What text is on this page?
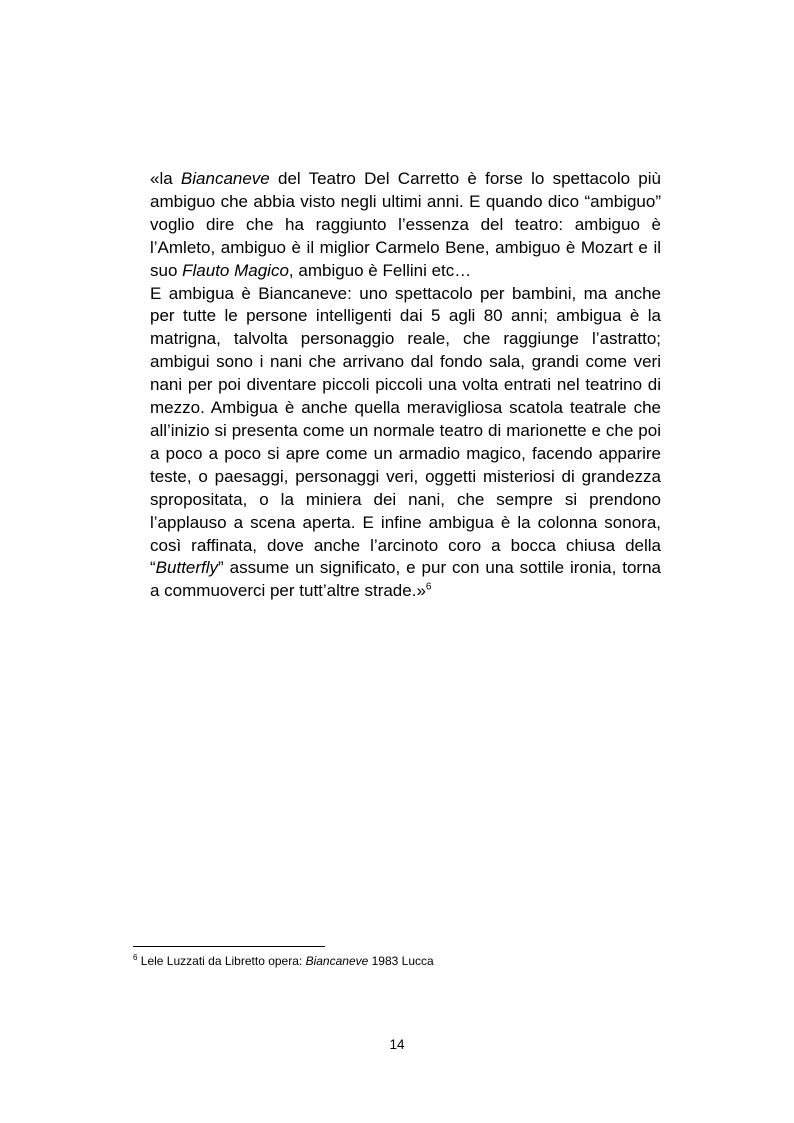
«la Biancaneve del Teatro Del Carretto è forse lo spettacolo più ambiguo che abbia visto negli ultimi anni. E quando dico “ambiguo” voglio dire che ha raggiunto l’essenza del teatro: ambiguo è l’Amleto, ambiguo è il miglior Carmelo Bene, ambiguo è Mozart e il suo Flauto Magico, ambiguo è Fellini etc…

E ambigua è Biancaneve: uno spettacolo per bambini, ma anche per tutte le persone intelligenti dai 5 agli 80 anni; ambigua è la matrigna, talvolta personaggio reale, che raggiunge l’astratto; ambigui sono i nani che arrivano dal fondo sala, grandi come veri nani per poi diventare piccoli piccoli una volta entrati nel teatrino di mezzo. Ambigua è anche quella meravigliosa scatola teatrale che all’inizio si presenta come un normale teatro di marionette e che poi a poco a poco si apre come un armadio magico, facendo apparire teste, o paesaggi, personaggi veri, oggetti misteriosi di grandezza spropositata, o la miniera dei nani, che sempre si prendono l’applauso a scena aperta. E infine ambigua è la colonna sonora, così raffinata, dove anche l’arcinoto coro a bocca chiusa della “Butterfly” assume un significato, e pur con una sottile ironia, torna a commuoverci per tutt’altre strade.»$^6$

$^6$ Lele Luzzati da Libretto opera: Biancaneve 1983 Lucca
14
